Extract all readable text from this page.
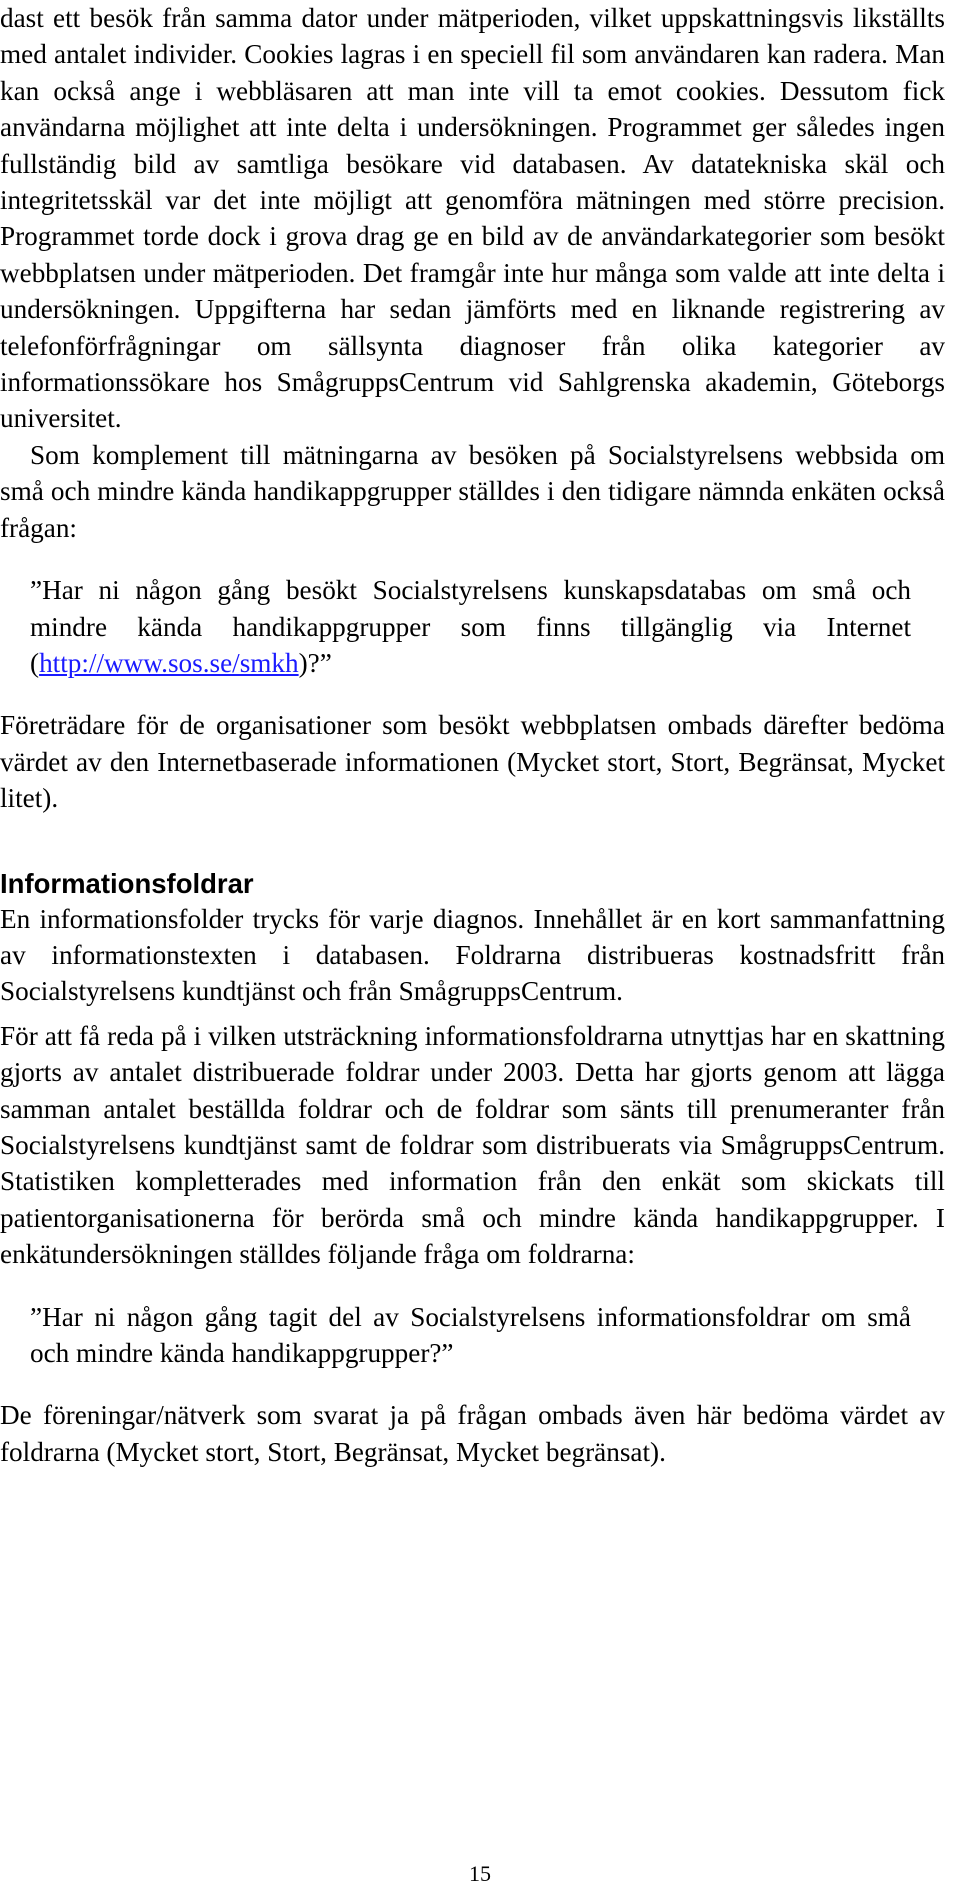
dast ett besök från samma dator under mätperioden, vilket uppskattningsvis likställts med antalet individer. Cookies lagras i en speciell fil som användaren kan radera. Man kan också ange i webbläsaren att man inte vill ta emot cookies. Dessutom fick användarna möjlighet att inte delta i undersökningen. Programmet ger således ingen fullständig bild av samtliga besökare vid databasen. Av datatekniska skäl och integritetsskäl var det inte möjligt att genomföra mätningen med större precision. Programmet torde dock i grova drag ge en bild av de användarkategorier som besökt webbplatsen under mätperioden. Det framgår inte hur många som valde att inte delta i undersökningen. Uppgifterna har sedan jämförts med en liknande registrering av telefonförfrågningar om sällsynta diagnoser från olika kategorier av informationssökare hos SmågruppsCentrum vid Sahlgrenska akademin, Göteborgs universitet.

Som komplement till mätningarna av besöken på Socialstyrelsens webbsida om små och mindre kända handikappgrupper ställdes i den tidigare nämnda enkäten också frågan:

”Har ni någon gång besökt Socialstyrelsens kunskapsdatabas om små och mindre kända handikappgrupper som finns tillgänglig via Internet (http://www.sos.se/smkh)?”

Företrädare för de organisationer som besökt webbplatsen ombads därefter bedöma värdet av den Internetbaserade informationen (Mycket stort, Stort, Begränsat, Mycket litet).

Informationsfoldrar

En informationsfolder trycks för varje diagnos. Innehållet är en kort sammanfattning av informationstexten i databasen. Foldrarna distribueras kostnadsfritt från Socialstyrelsens kundtjänst och från SmågruppsCentrum.

För att få reda på i vilken utsträckning informationsfoldrarna utnyttjas har en skattning gjorts av antalet distribuerade foldrar under 2003. Detta har gjorts genom att lägga samman antalet beställda foldrar och de foldrar som sänts till prenumeranter från Socialstyrelsens kundtjänst samt de foldrar som distribuerats via SmågruppsCentrum. Statistiken kompletterades med information från den enkät som skickats till patientorganisationerna för berörda små och mindre kända handikappgrupper. I enkätundersökningen ställdes följande fråga om foldrarna:

”Har ni någon gång tagit del av Socialstyrelsens informationsfoldrar om små och mindre kända handikappgrupper?”

De föreningar/nätverk som svarat ja på frågan ombads även här bedöma värdet av foldrarna (Mycket stort, Stort, Begränsat, Mycket begränsat).

15
